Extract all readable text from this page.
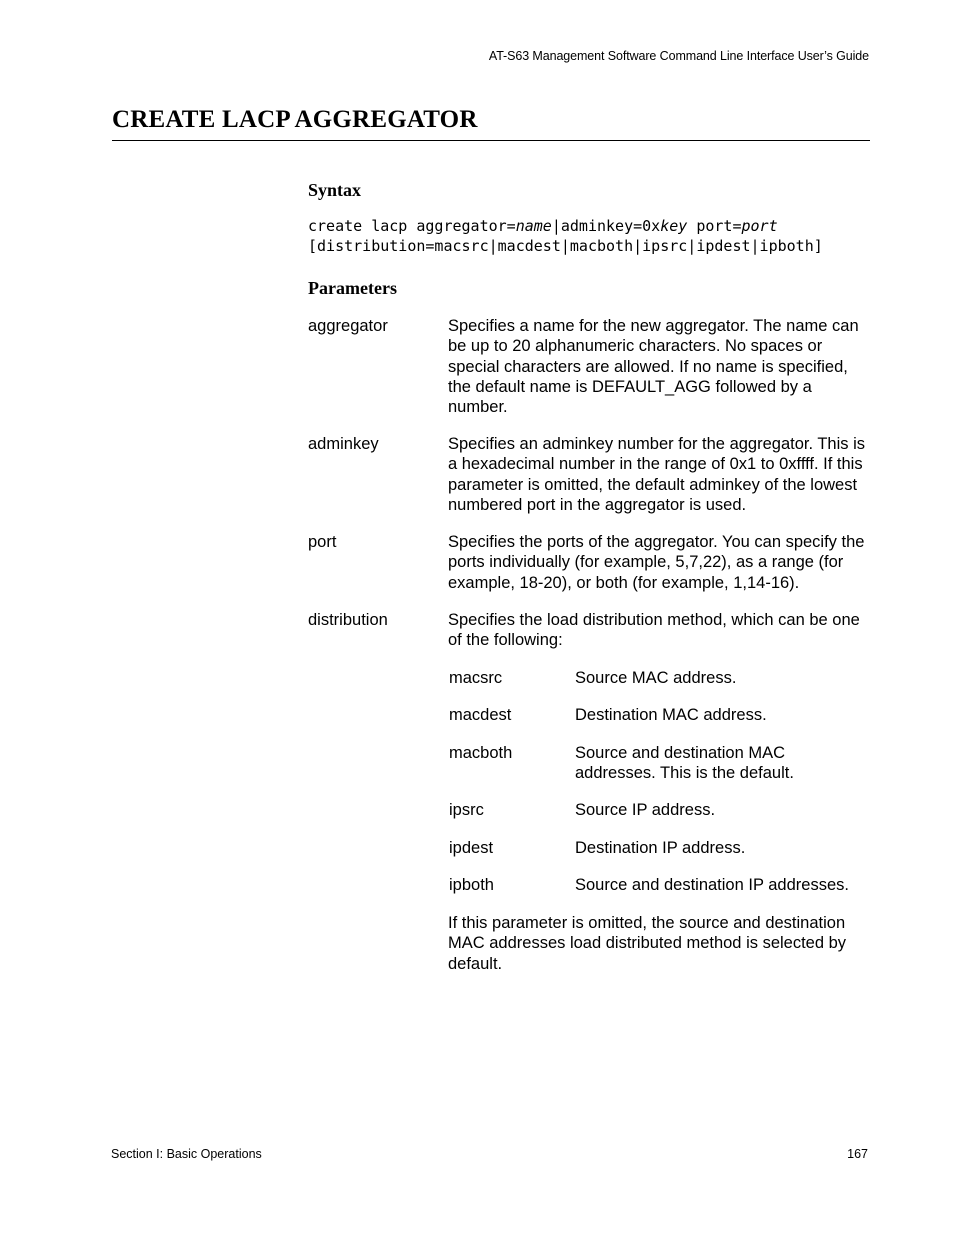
AT-S63 Management Software Command Line Interface User’s Guide
CREATE LACP AGGREGATOR
Syntax
create lacp aggregator=name|adminkey=0xkey port=port
[distribution=macsrc|macdest|macboth|ipsrc|ipdest|ipboth]
Parameters
aggregator	Specifies a name for the new aggregator. The name can be up to 20 alphanumeric characters. No spaces or special characters are allowed. If no name is specified, the default name is DEFAULT_AGG followed by a number.
adminkey	Specifies an adminkey number for the aggregator. This is a hexadecimal number in the range of 0x1 to 0xffff. If this parameter is omitted, the default adminkey of the lowest numbered port in the aggregator is used.
port	Specifies the ports of the aggregator. You can specify the ports individually (for example, 5,7,22), as a range (for example, 18-20), or both (for example, 1,14-16).
distribution	Specifies the load distribution method, which can be one of the following:
macsrc	Source MAC address.
macdest	Destination MAC address.
macboth	Source and destination MAC addresses. This is the default.
ipsrc	Source IP address.
ipdest	Destination IP address.
ipboth	Source and destination IP addresses.
If this parameter is omitted, the source and destination MAC addresses load distributed method is selected by default.
Section I: Basic Operations	167
